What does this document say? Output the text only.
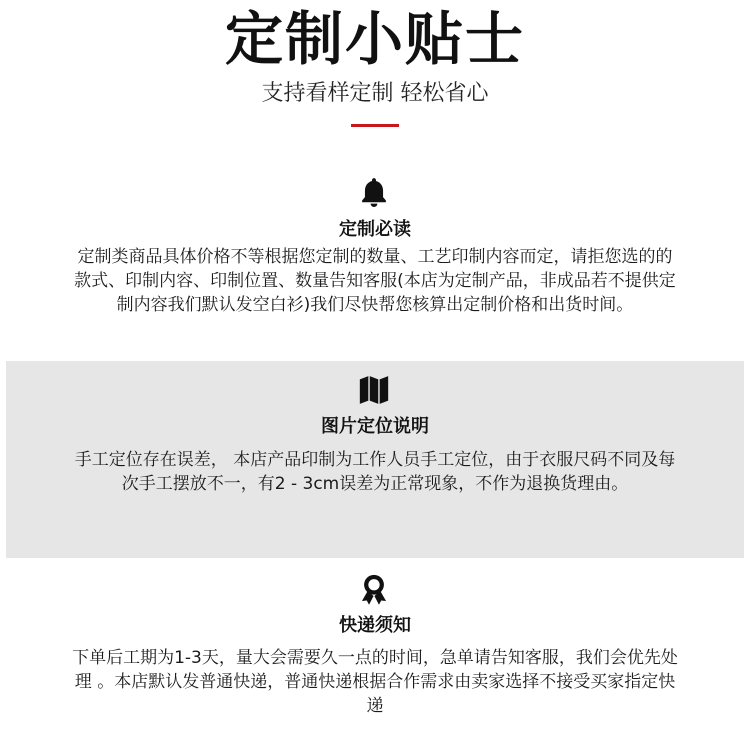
定制小贴士
支持看样定制 轻松省心
定制必读
定制类商品具体价格不等根据您定制的数量、工艺印制内容而定，请拒您选的的款式、印制内容、印制位置、数量告知客服(本店为定制产品，非成品若不提供定制内容我们默认发空白衫)我们尽快帮您核算出定制价格和出货时间。
图片定位说明
手工定位存在误差， 本店产品印制为工作人员手工定位，由于衣服尺码不同及每次手工摆放不一，有2 - 3cm误差为正常现象，不作为退换货理由。
快递须知
下单后工期为1-3天，量大会需要久一点的时间，急单请告知客服，我们会优先处理 。本店默认发普通快递，普通快递根据合作需求由卖家选择不接受买家指定快递
